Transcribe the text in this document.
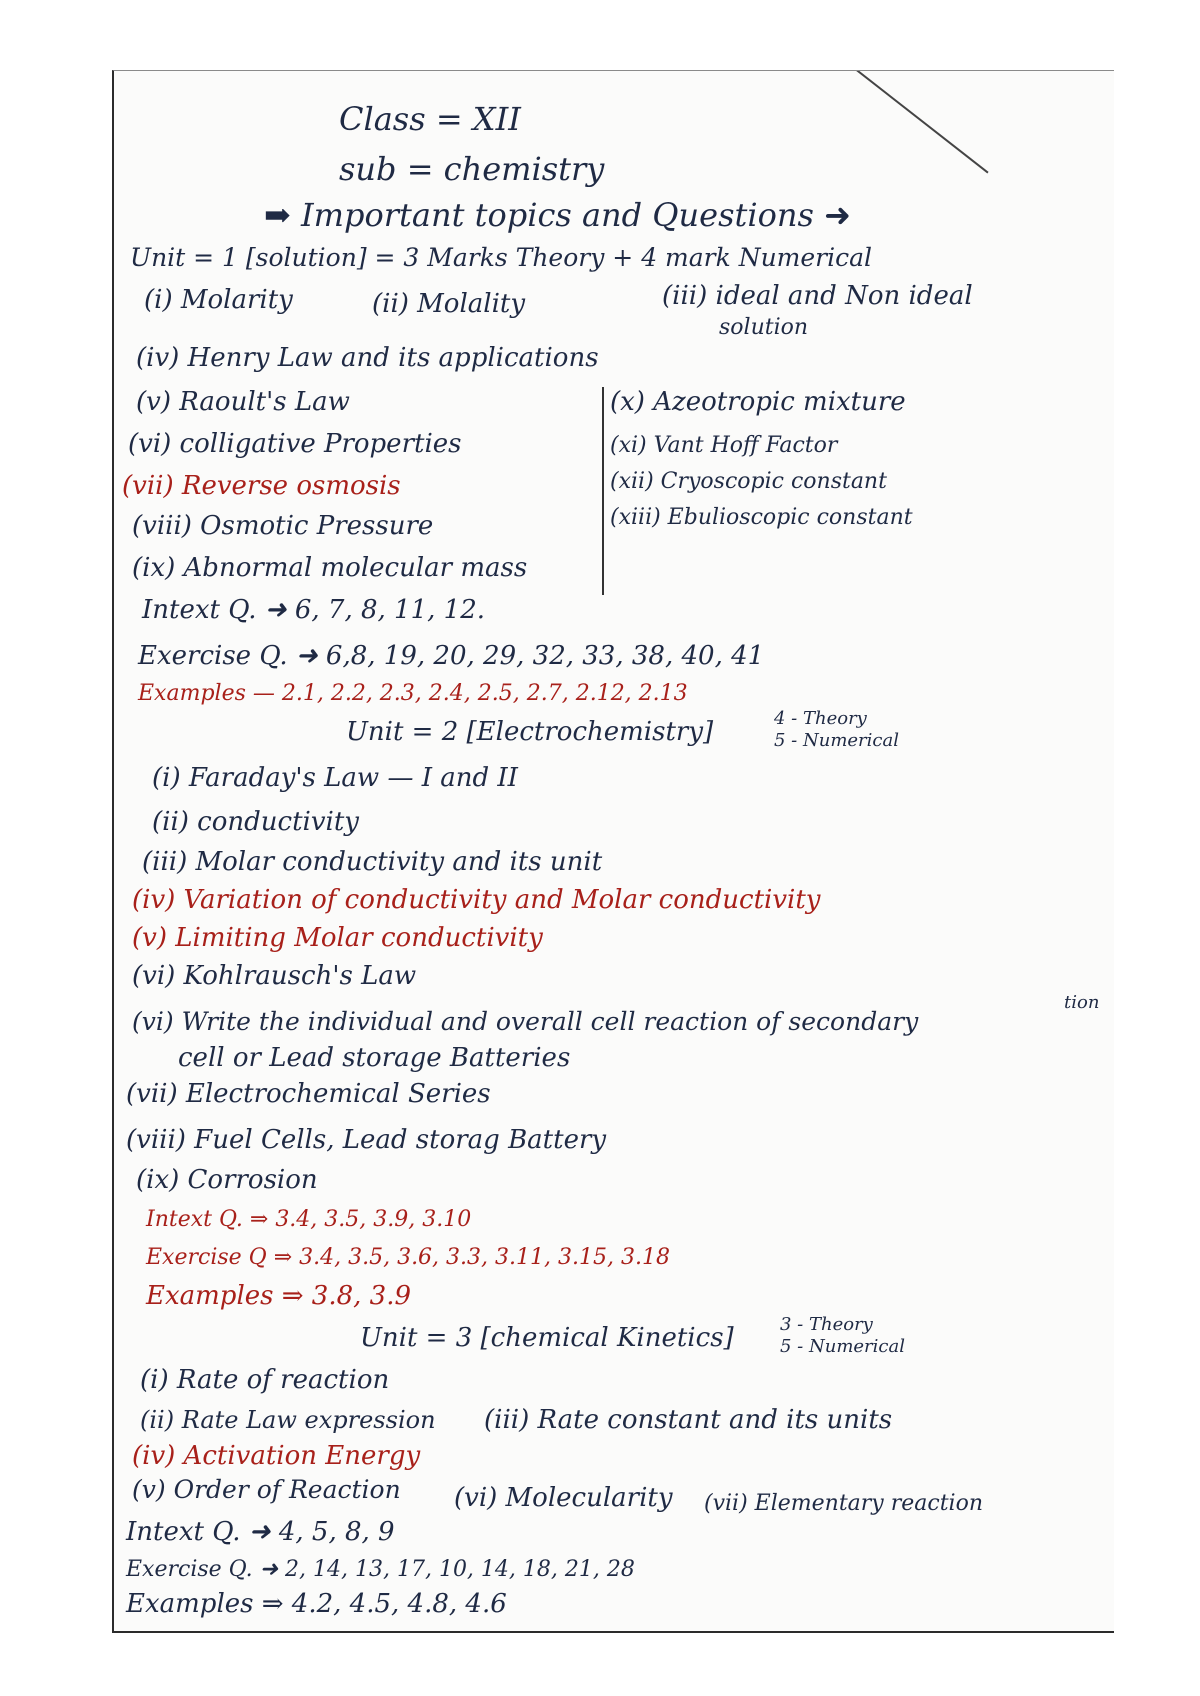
Class = XII
sub = chemistry
➡ Important topics and Questions ➜
Unit = 1 [solution] = 3 Marks Theory + 4 mark Numerical
(i) Molarity	(ii) Molality	(iii) ideal and Non ideal
solution
(iv) Henry Law and its applications
(v) Raoult's Law
(vi) colligative Properties
(vii) Reverse osmosis
(viii) Osmotic Pressure
(ix) Abnormal molecular mass
(x) Azeotropic mixture
(xi) Vant Hoff Factor
(xii) Cryoscopic constant
(xiii) Ebulioscopic constant
Intext Q. ➜ 6, 7, 8, 11, 12.
Exercise Q. ➜ 6,8, 19, 20, 29, 32, 33, 38, 40, 41
Examples — 2.1, 2.2, 2.3, 2.4, 2.5, 2.7, 2.12, 2.13
Unit = 2 [Electrochemistry]	4 - Theory
5 - Numerical
(i) Faraday's Law — I and II
(ii) conductivity
(iii) Molar conductivity and its unit
(iv) Variation of conductivity and Molar conductivity
(v) Limiting Molar conductivity
(vi) Kohlrausch's Law
(vi) Write the individual and overall cell reaction of secondary
tion
cell or Lead storage Batteries
(vii) Electrochemical Series
(viii) Fuel Cells, Lead storag Battery
(ix) Corrosion
Intext Q. ⇒ 3.4, 3.5, 3.9, 3.10
Exercise Q ⇒ 3.4, 3.5, 3.6, 3.3, 3.11, 3.15, 3.18
Examples ⇒ 3.8, 3.9
Unit = 3 [chemical Kinetics]	3 - Theory
5 - Numerical
(i) Rate of reaction
(ii) Rate Law expression (iii) Rate constant and its units
(iv) Activation Energy
(v) Order of Reaction (vi) Molecularity (vii) Elementary reaction
Intext Q. ➜ 4, 5, 8, 9
Exercise Q. ➜ 2, 14, 13, 17, 10, 14, 18, 21, 28
Examples ⇒ 4.2, 4.5, 4.8, 4.6
